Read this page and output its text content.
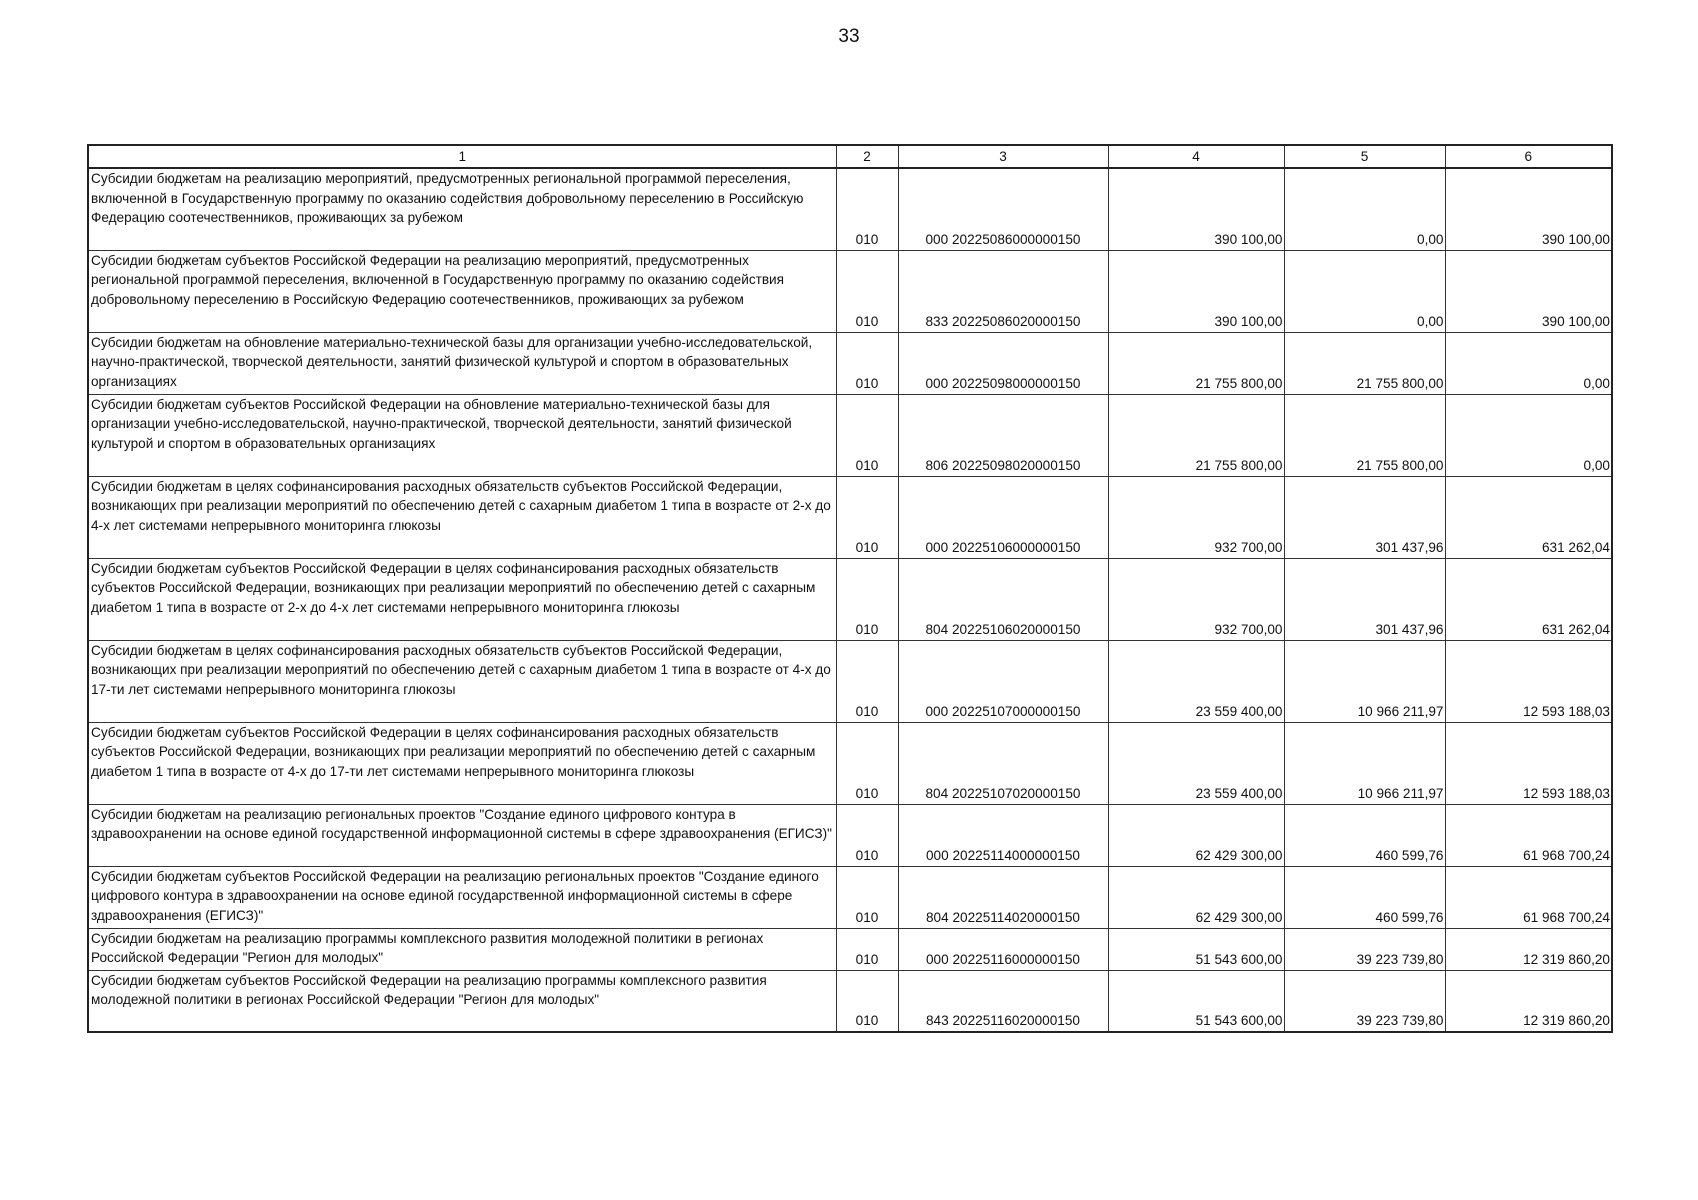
33
1	2	3	4	5	6
Субсидии бюджетам на реализацию мероприятий, предусмотренных региональной программой переселения, включенной в Государственную программу по оказанию содействия добровольному переселению в Российскую Федерацию соотечественников, проживающих за рубежом	010	000 20225086000000150	390 100,00	0,00	390 100,00
Субсидии бюджетам субъектов Российской Федерации на реализацию мероприятий, предусмотренных региональной программой переселения, включенной в Государственную программу по оказанию содействия добровольному переселению в Российскую Федерацию соотечественников, проживающих за рубежом	010	833 20225086020000150	390 100,00	0,00	390 100,00
Субсидии бюджетам на обновление материально-технической базы для организации учебно-исследовательской, научно-практической, творческой деятельности, занятий физической культурой и спортом в образовательных организациях	010	000 20225098000000150	21 755 800,00	21 755 800,00	0,00
Субсидии бюджетам субъектов Российской Федерации на обновление материально-технической базы для организации учебно-исследовательской, научно-практической, творческой деятельности, занятий физической культурой и спортом в образовательных организациях	010	806 20225098020000150	21 755 800,00	21 755 800,00	0,00
Субсидии бюджетам в целях софинансирования расходных обязательств субъектов Российской Федерации, возникающих при реализации мероприятий по обеспечению детей с сахарным диабетом 1 типа в возрасте от 2-х до 4-х лет системами непрерывного мониторинга глюкозы	010	000 20225106000000150	932 700,00	301 437,96	631 262,04
Субсидии бюджетам субъектов Российской Федерации в целях софинансирования расходных обязательств субъектов Российской Федерации, возникающих при реализации мероприятий по обеспечению детей с сахарным диабетом 1 типа в возрасте от 2-х до 4-х лет системами непрерывного мониторинга глюкозы	010	804 20225106020000150	932 700,00	301 437,96	631 262,04
Субсидии бюджетам в целях софинансирования расходных обязательств субъектов Российской Федерации, возникающих при реализации мероприятий по обеспечению детей с сахарным диабетом 1 типа в возрасте от 4-х до 17-ти лет системами непрерывного мониторинга глюкозы	010	000 20225107000000150	23 559 400,00	10 966 211,97	12 593 188,03
Субсидии бюджетам субъектов Российской Федерации в целях софинансирования расходных обязательств субъектов Российской Федерации, возникающих при реализации мероприятий по обеспечению детей с сахарным диабетом 1 типа в возрасте от 4-х до 17-ти лет системами непрерывного мониторинга глюкозы	010	804 20225107020000150	23 559 400,00	10 966 211,97	12 593 188,03
Субсидии бюджетам на реализацию региональных проектов "Создание единого цифрового контура в здравоохранении на основе единой государственной информационной системы в сфере здравоохранения (ЕГИСЗ)"	010	000 20225114000000150	62 429 300,00	460 599,76	61 968 700,24
Субсидии бюджетам субъектов Российской Федерации на реализацию региональных проектов "Создание единого цифрового контура в здравоохранении на основе единой государственной информационной системы в сфере здравоохранения (ЕГИСЗ)"	010	804 20225114020000150	62 429 300,00	460 599,76	61 968 700,24
Субсидии бюджетам на реализацию программы комплексного развития молодежной политики в регионах Российской Федерации "Регион для молодых"	010	000 20225116000000150	51 543 600,00	39 223 739,80	12 319 860,20
Субсидии бюджетам субъектов Российской Федерации на реализацию программы комплексного развития молодежной политики в регионах Российской Федерации "Регион для молодых"	010	843 20225116020000150	51 543 600,00	39 223 739,80	12 319 860,20
